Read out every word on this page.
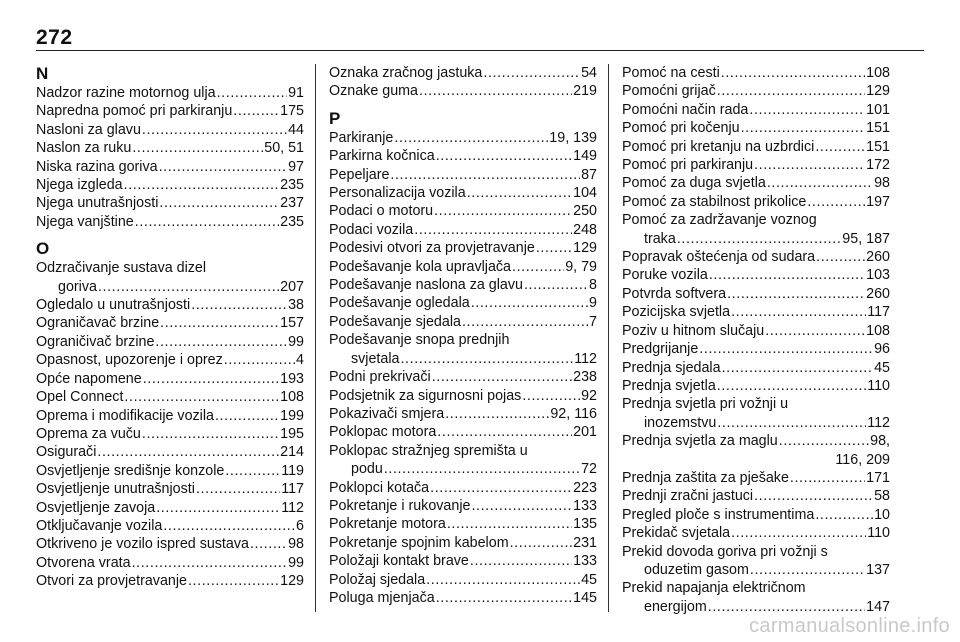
272
N
Nadzor razine motornog ulja .....	91
Napredna pomoć pri parkiranju .....	175
Nasloni za glavu .....	44
Naslon za ruku .....	50, 51
Niska razina goriva .....	97
Njega izgleda .....	235
Njega unutrašnjosti .....	237
Njega vanjštine .....	235
O
Odzračivanje sustava dizel
goriva .....	207
Ogledalo u unutrašnjosti .....	38
Ograničavač brzine .....	157
Ograničivač brzine .....	99
Opasnost, upozorenje i oprez .....	4
Opće napomene .....	193
Opel Connect .....	108
Oprema i modifikacije vozila .....	199
Oprema za vuču .....	195
Osigurači .....	214
Osvjetljenje središnje konzole .....	119
Osvjetljenje unutrašnjosti .....	117
Osvjetljenje zavoja .....	112
Otključavanje vozila .....	6
Otkriveno je vozilo ispred sustava .....	98
Otvorena vrata .....	99
Otvori za provjetravanje .....	129
Oznaka zračnog jastuka .....	54
Oznake guma .....	219
P
Parkiranje .....	19, 139
Parkirna kočnica .....	149
Pepeljare .....	87
Personalizacija vozila .....	104
Podaci o motoru .....	250
Podaci vozila .....	248
Podesivi otvori za provjetravanje .....	129
Podešavanje kola upravljača .....	9, 79
Podešavanje naslona za glavu .....	8
Podešavanje ogledala .....	9
Podešavanje sjedala .....	7
Podešavanje snopa prednjih
svjetala .....	112
Podni prekrivači .....	238
Podsjetnik za sigurnosni pojas .....	92
Pokazivači smjera .....	92, 116
Poklopac motora .....	201
Poklopac stražnjeg spremišta u
podu .....	72
Poklopci kotača .....	223
Pokretanje i rukovanje .....	133
Pokretanje motora .....	135
Pokretanje spojnim kabelom .....	231
Položaji kontakt brave .....	133
Položaj sjedala .....	45
Poluga mjenjača .....	145
Pomoć na cesti .....	108
Pomoćni grijač .....	129
Pomoćni način rada .....	101
Pomoć pri kočenju .....	151
Pomoć pri kretanju na uzbrdici .....	151
Pomoć pri parkiranju .....	172
Pomoć za duga svjetla .....	98
Pomoć za stabilnost prikolice .....	197
Pomoć za zadržavanje voznog
traka .....	95, 187
Popravak oštećenja od sudara .....	260
Poruke vozila .....	103
Potvrda softvera .....	260
Pozicijska svjetla .....	117
Poziv u hitnom slučaju .....	108
Predgrijanje .....	96
Prednja sjedala .....	45
Prednja svjetla .....	110
Prednja svjetla pri vožnji u
inozemstvu .....	112
Prednja svjetla za maglu .....	98,
116, 209
Prednja zaštita za pješake .....	171
Prednji zračni jastuci .....	58
Pregled ploče s instrumentima .....	10
Prekidač svjetala .....	110
Prekid dovoda goriva pri vožnji s
oduzetim gasom .....	137
Prekid napajanja električnom
energijom .....	147
carmanualsonline.info
